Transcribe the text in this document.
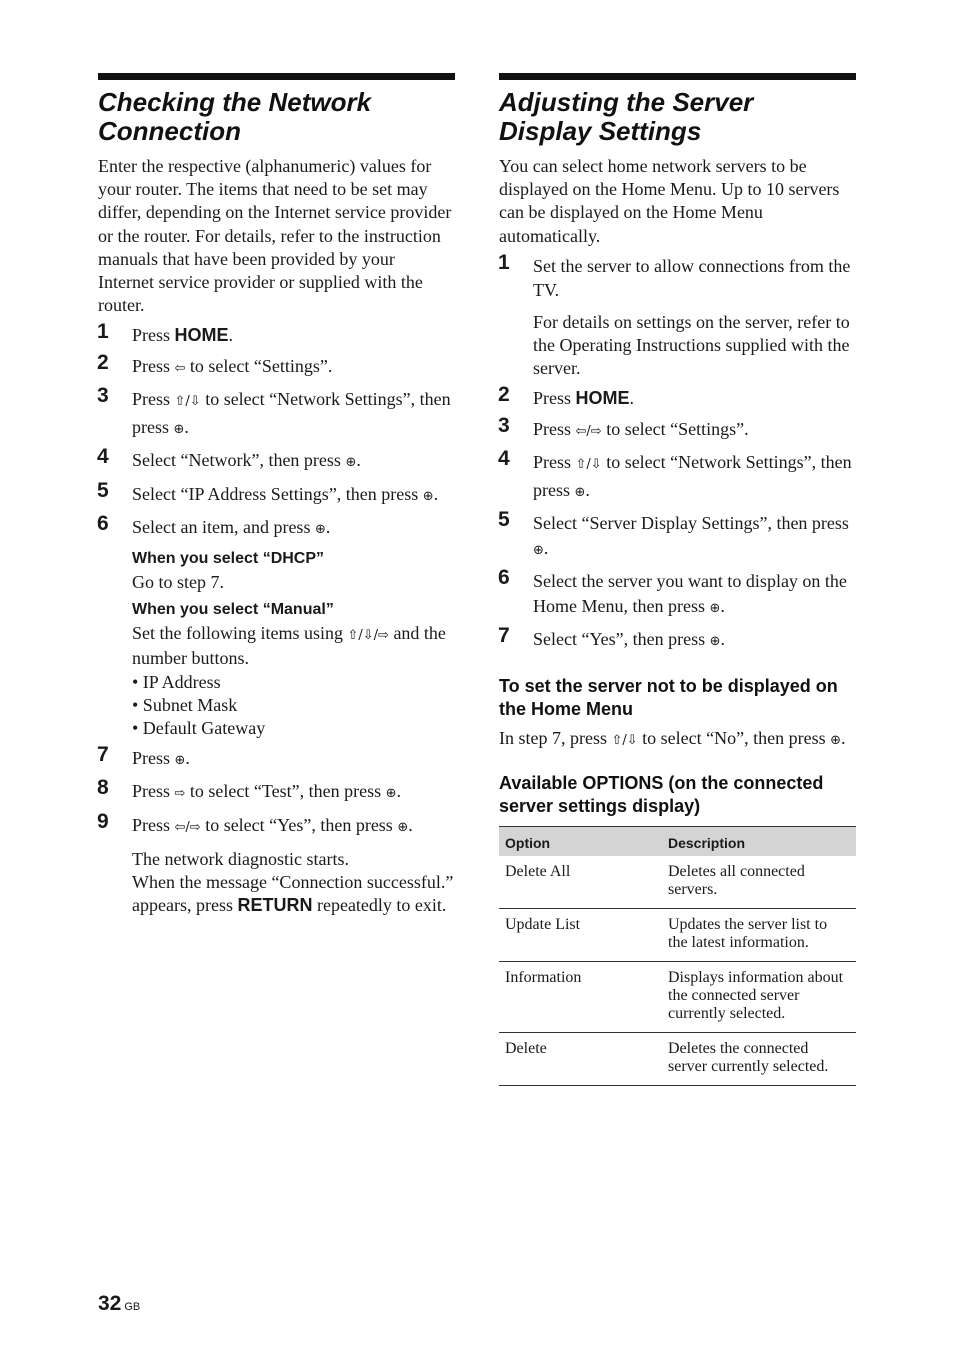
Checking the Network
Connection

Enter the respective (alphanumeric) values for your router. The items that need to be set may differ, depending on the Internet service provider or the router. For details, refer to the instruction manuals that have been provided by your Internet service provider or supplied with the router.

1 Press HOME.
2 Press ⇦ to select “Settings”.
3 Press ⇧/⇩ to select “Network Settings”, then press ⊕.
4 Select “Network”, then press ⊕.
5 Select “IP Address Settings”, then press ⊕.
6 Select an item, and press ⊕.
When you select “DHCP”
Go to step 7.
When you select “Manual”
Set the following items using ⇧/⇩/⇨ and the number buttons.
• IP Address
• Subnet Mask
• Default Gateway
7 Press ⊕.
8 Press ⇨ to select “Test”, then press ⊕.
9 Press ⇦/⇨ to select “Yes”, then press ⊕.
The network diagnostic starts.
When the message “Connection successful.” appears, press RETURN repeatedly to exit.
Adjusting the Server
Display Settings

You can select home network servers to be displayed on the Home Menu. Up to 10 servers can be displayed on the Home Menu automatically.

1 Set the server to allow connections from the TV.
For details on settings on the server, refer to the Operating Instructions supplied with the server.
2 Press HOME.
3 Press ⇦/⇨ to select “Settings”.
4 Press ⇧/⇩ to select “Network Settings”, then press ⊕.
5 Select “Server Display Settings”, then press ⊕.
6 Select the server you want to display on the Home Menu, then press ⊕.
7 Select “Yes”, then press ⊕.
To set the server not to be displayed on the Home Menu

In step 7, press ⇧/⇩ to select “No”, then press ⊕.

Available OPTIONS (on the connected server settings display)
Option	Description
Delete All	Deletes all connected servers.
Update List	Updates the server list to the latest information.
Information	Displays information about the connected server currently selected.
Delete	Deletes the connected server currently selected.
32 GB
